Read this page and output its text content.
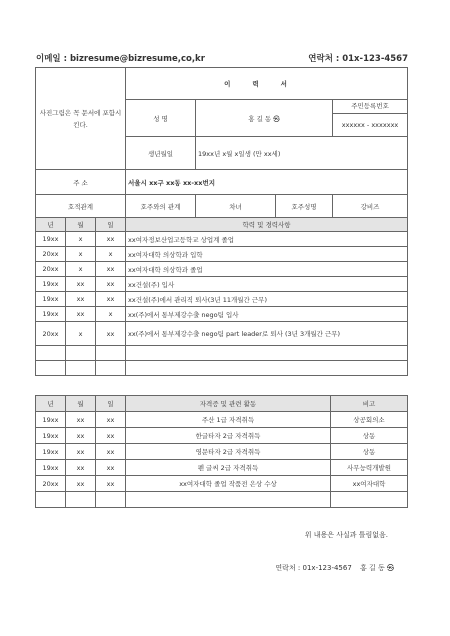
이메일 : bizresume@bizresume,co,kr	연락처 : 01x-123-4567
사진그림은 꼭 문서에 포함시킨다.			이력서				
			성 명	홍 길 동 ㉿		주민등록번호
xxxxxx - xxxxxxx	

			생년월일	19xx년 x월 x일생 (만 xx세)			
주 소			서울시 xx구 xx동 xx-xx번지				
호적관계			호주와의 관계	차녀	호주성명	강비즈	
년	월	일	학력 및 경력사항				
19xx	x	xx	xx여자정보산업고등학교 상업계 졸업				
20xx	x	x	xx여자대학 의상학과 입학				
20xx	x	xx	xx여자대학 의상학과 졸업				
19xx	xx	xx	xx건설(주) 입사				
19xx	xx	xx	xx건설(주)에서 관리직 퇴사(3년 11개월간 근무)				
19xx	xx	x	xx(주)에서 통부제강수출 nego팀 입사				
20xx	x	xx	xx(주)에서 통부제강수출 nego팀 part leader로 퇴사 (3년 3개월간 근무)				

년	월	일	자격증 및 관련 활동	비고
19xx	xx	xx	주산 1급 자격취득	상공회의소
19xx	xx	xx	한글타자 2급 자격취득	상동
19xx	xx	xx	영문타자 2급 자격취득	상동
19xx	xx	xx	펜 글씨 2급 자격취득	사무능력개발원
20xx	xx	xx	xx여자대학 졸업 작품전 은상 수상	xx여자대학

위 내용은 사실과 틀림없음.
연락처 : 01x-123-4567 홍 길 동 ㉿
